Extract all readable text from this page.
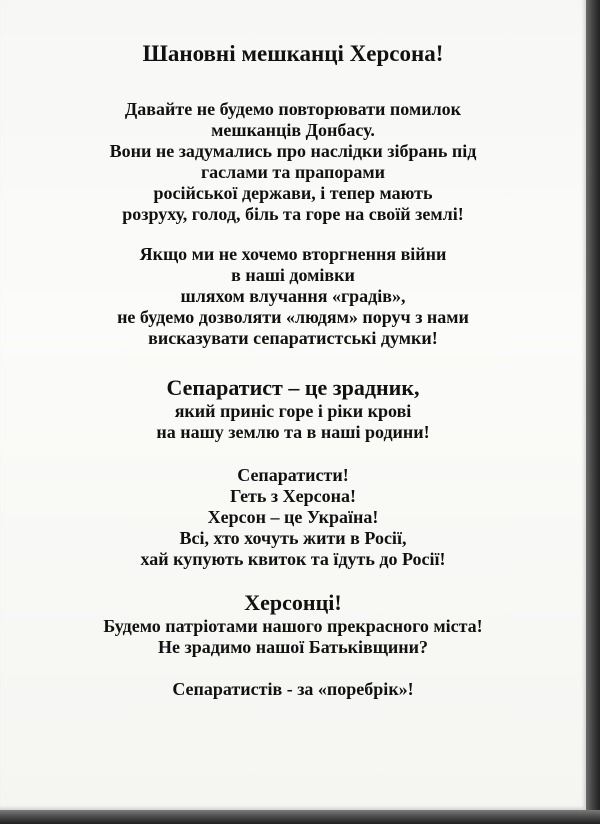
Шановні мешканці Херсона!
Давайте не будемо повторювати помилок
мешканців Донбасу.
Вони не задумались про наслідки зібрань під
гаслами та прапорами
російської держави, і тепер мають
розруху, голод, біль та горе на своїй землі!
Якщо ми не хочемо вторгнення війни
в наші домівки
шляхом влучання «градів»,
не будемо дозволяти «людям» поруч з нами
висказувати сепаратистські думки!
Сепаратист – це зрадник,
який приніс горе і ріки крові
на нашу землю та в наші родини!
Сепаратисти!
Геть з Херсона!
Херсон – це Україна!
Всі, хто хочуть жити в Росії,
хай купують квиток та їдуть до Росії!
Херсонці!
Будемо патріотами нашого прекрасного міста!
Не зрадимо нашої Батьківщини?
Сепаратистів - за «поребрік»!
